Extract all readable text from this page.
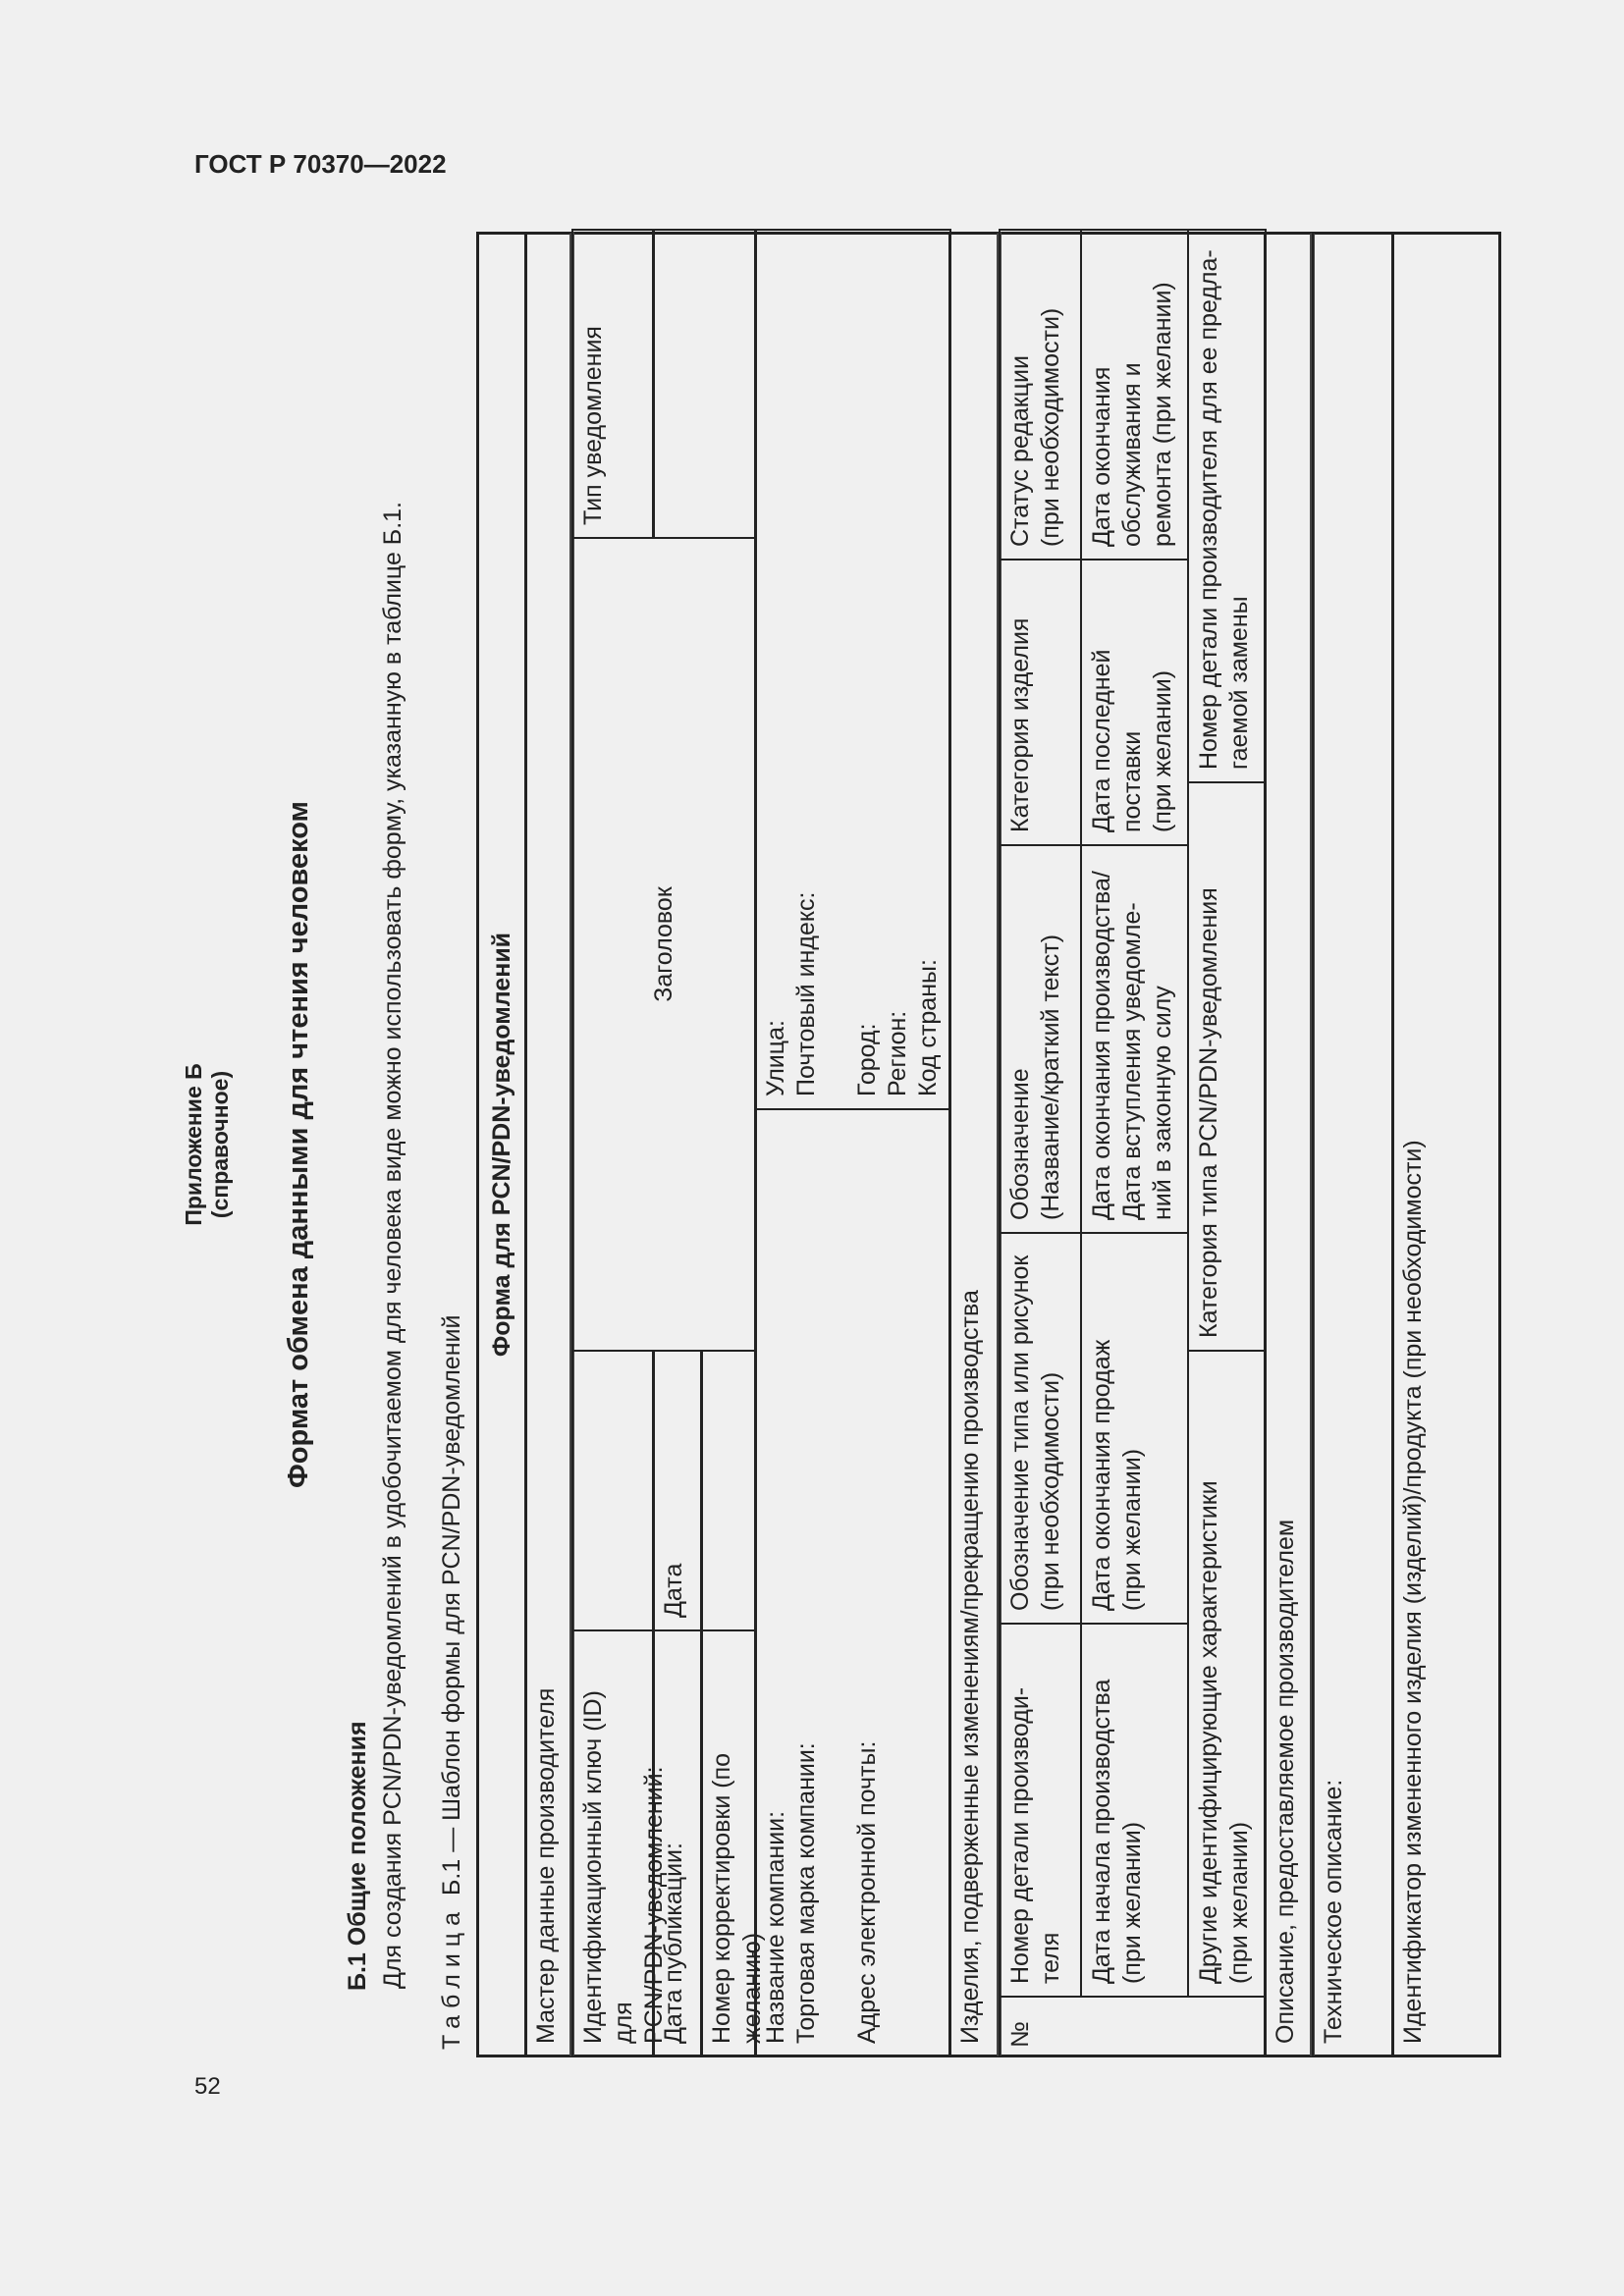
ГОСТ Р 70370—2022
52
Приложение Б (справочное) Формат обмена данными для чтения человеком
Б.1 Общие положения Для создания PCN/PDN-уведомлений в удобочитаемом для человека виде можно использовать форму, указанную в таблице Б.1. ТаблицаБ.1 — Шаблон формы для PCN/PDN-уведомлений
Форма для PCN/PDN-уведомлений
Мастер данные производителя Идентификационный ключ (ID) для
PCN/PDN-уведомлений:
Дата публикации:
Дата
Номер корректировки (по желанию)
Заголовок
Тип уведомления
Название компании:
Торговая марка компании:

Адрес электронной почты:
Улица:
Почтовый индекс:

Город:
Регион:
Код страны:
Изделия, подверженные изменениям/прекращению производства №
Номер детали производи-
теля
Обозначение типа или рисунок
(при необходимости)
Обозначение
(Название/краткий текст)
Категория изделия
Статус редакции
(при необходимости)
Дата начала производства
(при желании)
Дата окончания продаж
(при желании)
Дата окончания производства/
Дата вступления уведомле-
ний в законную силу
Дата последней
поставки
(при желании)
Дата окончания
обслуживания и
ремонта (при желании)
Другие идентифицирующие характеристики
(при желании)
Категория типа PCN/PDN-уведомления
Номер детали производителя для ее предла-
гаемой замены
Описание, предоставляемое производителем Техническое описание:	Идентификатор измененного изделия (изделий)/продукта (при необходимости)
